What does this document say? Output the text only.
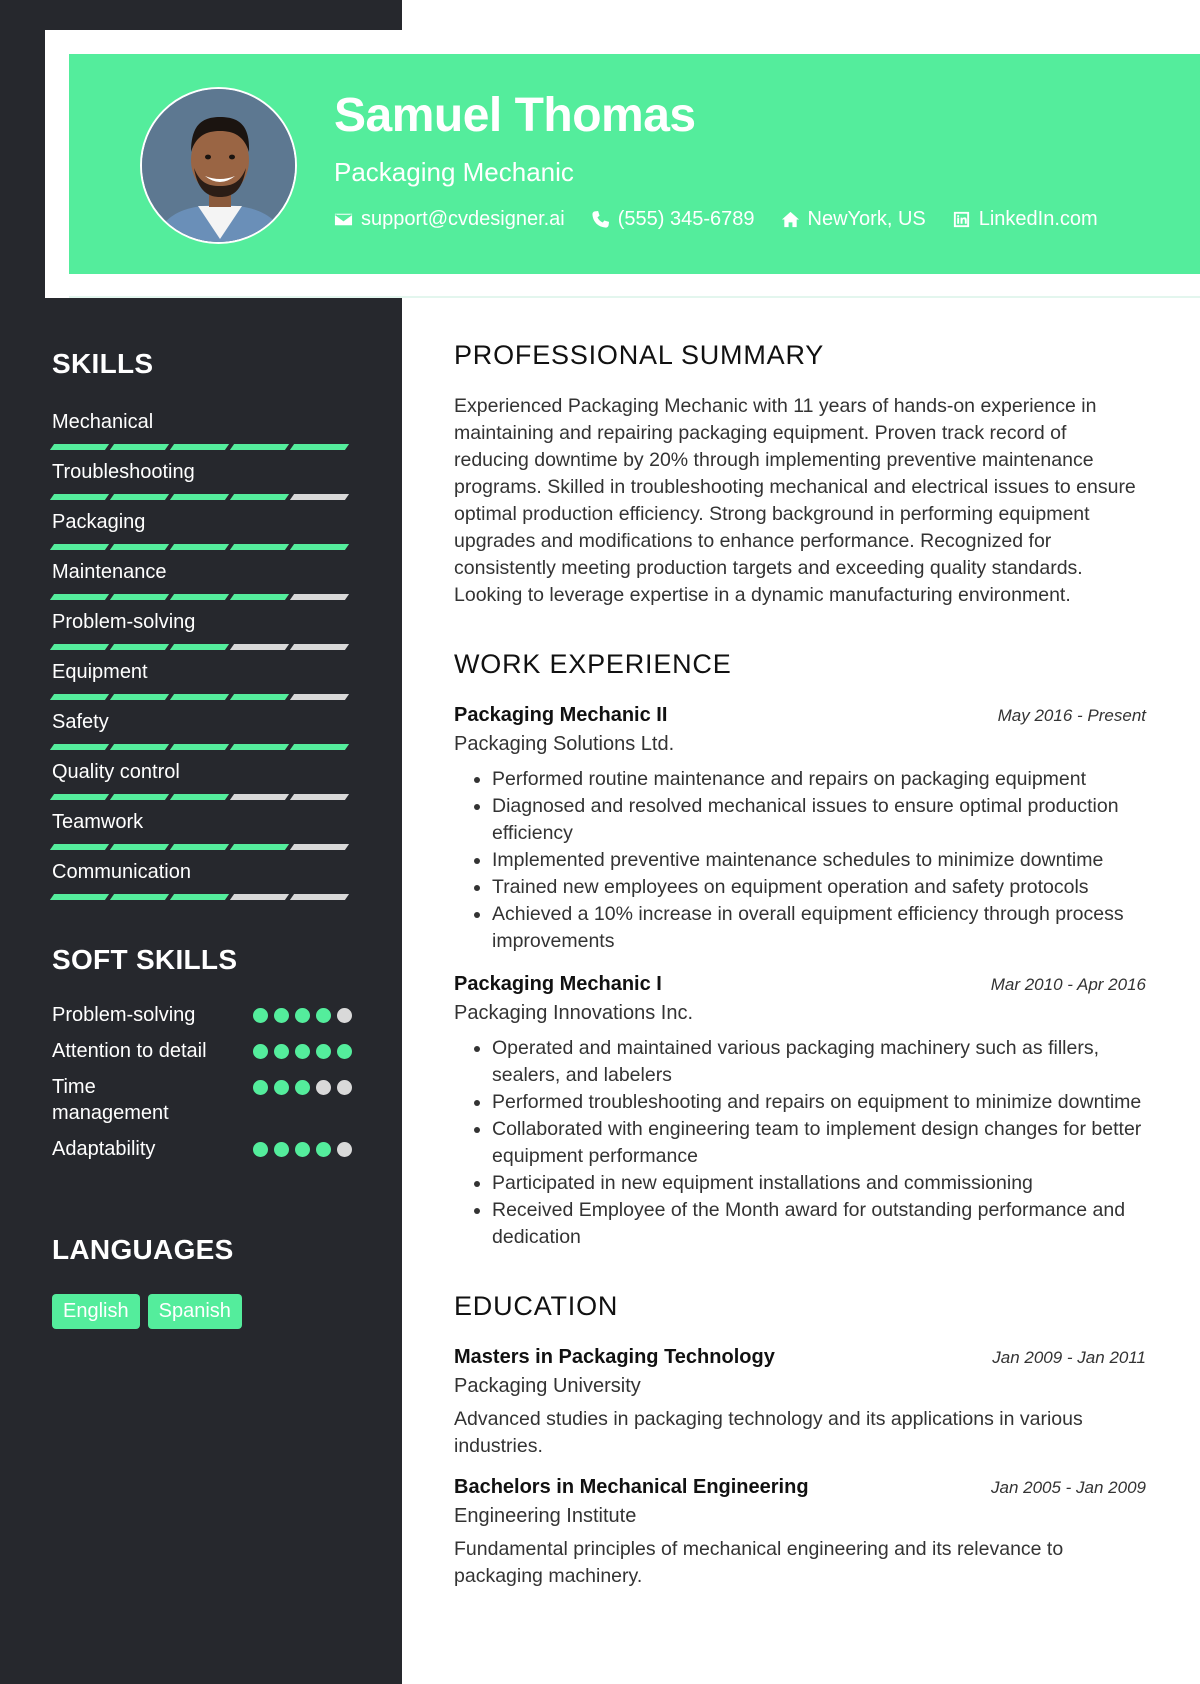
Samuel Thomas
Packaging Mechanic
support@cvdesigner.ai	(555) 345-6789	NewYork, US	LinkedIn.com
SKILLS
Mechanical
Troubleshooting
Packaging
Maintenance
Problem-solving
Equipment
Safety
Quality control
Teamwork
Communication
SOFT SKILLS
Problem-solving
Attention to detail
Time management
Adaptability
LANGUAGES
English	Spanish
PROFESSIONAL SUMMARY

Experienced Packaging Mechanic with 11 years of hands-on experience in maintaining and repairing packaging equipment. Proven track record of reducing downtime by 20% through implementing preventive maintenance programs. Skilled in troubleshooting mechanical and electrical issues to ensure optimal production efficiency. Strong background in performing equipment upgrades and modifications to enhance performance. Recognized for consistently meeting production targets and exceeding quality standards. Looking to leverage expertise in a dynamic manufacturing environment.

WORK EXPERIENCE
Packaging Mechanic II	May 2016 - Present
Packaging Solutions Ltd.
• Performed routine maintenance and repairs on packaging equipment
• Diagnosed and resolved mechanical issues to ensure optimal production efficiency
• Implemented preventive maintenance schedules to minimize downtime
• Trained new employees on equipment operation and safety protocols
• Achieved a 10% increase in overall equipment efficiency through process improvements
Packaging Mechanic I	Mar 2010 - Apr 2016
Packaging Innovations Inc.
• Operated and maintained various packaging machinery such as fillers, sealers, and labelers
• Performed troubleshooting and repairs on equipment to minimize downtime
• Collaborated with engineering team to implement design changes for better equipment performance
• Participated in new equipment installations and commissioning
• Received Employee of the Month award for outstanding performance and dedication
EDUCATION
Masters in Packaging Technology	Jan 2009 - Jan 2011
Packaging University

Advanced studies in packaging technology and its applications in various industries.

Bachelors in Mechanical Engineering	Jan 2005 - Jan 2009
Engineering Institute

Fundamental principles of mechanical engineering and its relevance to packaging machinery.
